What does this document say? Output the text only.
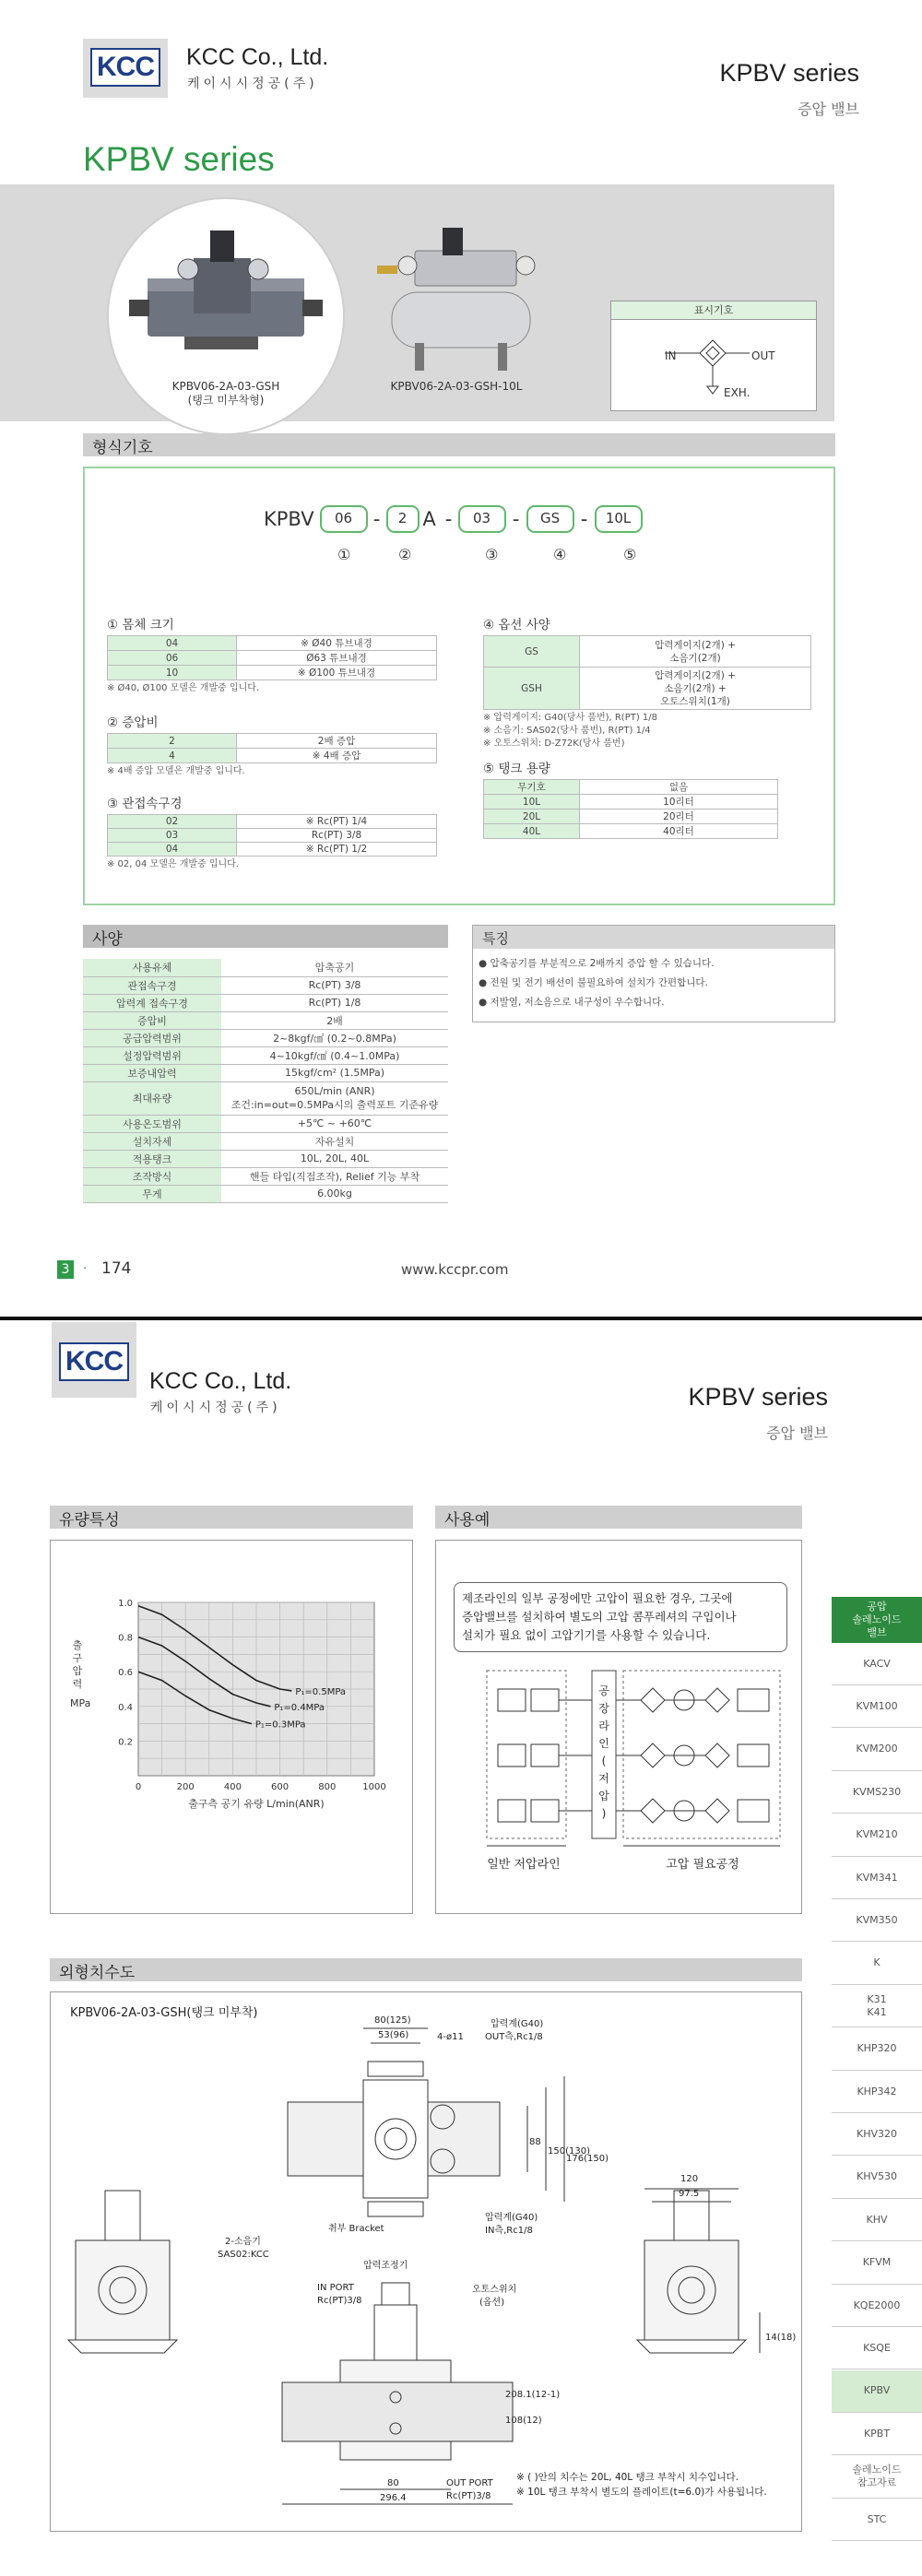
KCC KCC Co., Ltd.
케이시시정공(주)	KPBV series
증압 밸브
KPBV series
KPBV06-2A-03-GSH
(탱크 미부착형)
KPBV06-2A-03-GSH-10L
표시기호
IN	OUT
EXH.
형식기호
KPBV	06	-	2 A -	03	-	GS	-	10L
①	②	③	④	⑤
① 몸체 크기
04	※ Ø40 튜브내경
06	Ø63 튜브내경
10	※ Ø100 튜브내경
※ Ø40, Ø100 모델은 개발중 입니다.
② 증압비
2	2배 증압
4	※ 4배 증압
※ 4배 증압 모델은 개발중 입니다.
③ 관접속구경
02	※ Rc(PT) 1/4
03	Rc(PT) 3/8
04	※ Rc(PT) 1/2
※ 02, 04 모델은 개발중 입니다.
④ 옵션 사양
GS	압력게이지(2개) +
소음기(2개)

GSH	압력게이지(2개) +
소음기(2개) +
오토스위치(1개)
※ 압력게이지: G40(당사 품번), R(PT) 1/8
※ 소음기: SAS02(당사 품번), R(PT) 1/4
※ 오토스위치: D-Z72K(당사 품번)
⑤ 탱크 용량
무기호	없음
10L	10리터
20L	20리터
40L	40리터
사양
사용유체	압축공기
관접속구경	Rc(PT) 3/8
압력계 접속구경	Rc(PT) 1/8
증압비	2배
공급압력범위	2~8kgf/㎠ (0.2~0.8MPa)
설정압력범위	4~10kgf/㎠ (0.4~1.0MPa)
보증내압력	15kgf/cm² (1.5MPa)
최대유량	650L/min (ANR)
조건:in=out=0.5MPa시의 출력포트 기준유량

사용온도범위	+5℃ ~ +60℃
설치자세	자유설치
적용탱크	10L, 20L, 40L
조작방식	핸들 타입(직접조작), Relief 기능 부착
무게	6.00kg
특징
● 압축공기를 부분적으로 2배까지 증압 할 수 있습니다.
● 전원 및 전기 배선이 불필요하여 설치가 간편합니다.
● 저발열, 저소음으로 내구성이 우수합니다.
3	· 174	www.kccpr.com
KCC
KCC Co., Ltd.
케이시시정공(주)	KPBV series
증압 밸브
유량특성
0.2
0.4
0.6
0.8
1.0
0	200	400	600	800	1000
P₁=0.5MPa
P₁=0.4MPa
P₁=0.3MPa
출
구
압
력
MPa
출구측 공기 유량 L/min(ANR)
사용예
제조라인의 일부 공정에만 고압이 필요한 경우, 그곳에
증압밸브를 설치하여 별도의 고압 콤푸레셔의 구입이나
설치가 필요 없이 고압기기를 사용할 수 있습니다.
공
장
라
인
(
저
압
)
일반 저압라인	고압 필요공정
외형치수도
KPBV06-2A-03-GSH(탱크 미부착)
80(125)
53(96)	4-ø11
압력계(G40)
OUT측,Rc1/8
88
150(130)
176(150)
취부 Bracket
압력계(G40)
IN측,Rc1/8
120
97.5
2-소음기
SAS02:KCC
압력조정기
IN PORT
Rc(PT)3/8
오토스위치
(옵션)
108(12)
208.1(12-1)
14(18)
80
296.4
OUT PORT
Rc(PT)3/8
※ ( )안의 치수는 20L, 40L 탱크 부착시 치수입니다.
※ 10L 탱크 부착시 별도의 플레이트(t=6.0)가 사용됩니다.
공압
솔레노이드
밸브
KACV
KVM100
KVM200
KVMS230
KVM210
KVM341
KVM350
K
K31
K41
KHP320
KHP342
KHV320
KHV530
KHV
KFVM
KQE2000
KSQE
KPBV
KPBT
솔레노이드
참고자료
STC
